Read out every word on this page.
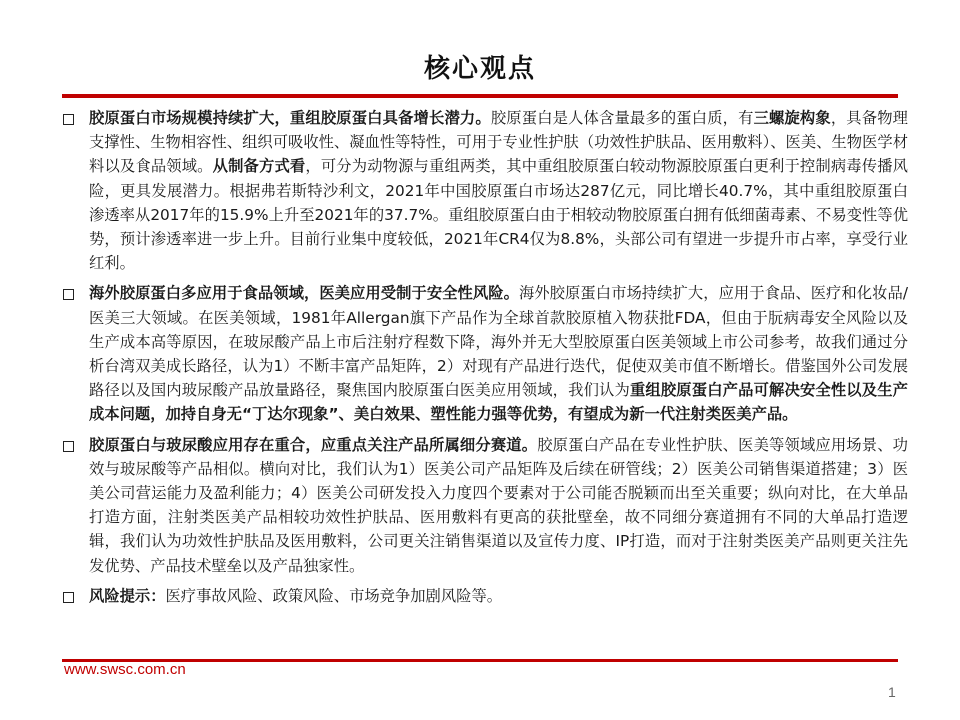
核心观点
胶原蛋白市场规模持续扩大，重组胶原蛋白具备增长潜力。胶原蛋白是人体含量最多的蛋白质，有三螺旋构象，具备物理支撑性、生物相容性、组织可吸收性、凝血性等特性，可用于专业性护肤（功效性护肤品、医用敷料）、医美、生物医学材料以及食品领域。从制备方式看，可分为动物源与重组两类，其中重组胶原蛋白较动物源胶原蛋白更利于控制病毒传播风险，更具发展潜力。根据弗若斯特沙利文，2021年中国胶原蛋白市场达287亿元，同比增长40.7%，其中重组胶原蛋白渗透率从2017年的15.9%上升至2021年的37.7%。重组胶原蛋白由于相较动物胶原蛋白拥有低细菌毒素、不易变性等优势，预计渗透率进一步上升。目前行业集中度较低，2021年CR4仅为8.8%，头部公司有望进一步提升市占率，享受行业红利。
海外胶原蛋白多应用于食品领域，医美应用受制于安全性风险。海外胶原蛋白市场持续扩大，应用于食品、医疗和化妆品/医美三大领域。在医美领域，1981年Allergan旗下产品作为全球首款胶原植入物获批FDA，但由于朊病毒安全风险以及生产成本高等原因，在玻尿酸产品上市后注射疗程数下降，海外并无大型胶原蛋白医美领域上市公司参考，故我们通过分析台湾双美成长路径，认为1）不断丰富产品矩阵，2）对现有产品进行迭代，促使双美市值不断增长。借鉴国外公司发展路径以及国内玻尿酸产品放量路径，聚焦国内胶原蛋白医美应用领域，我们认为重组胶原蛋白产品可解决安全性以及生产成本问题，加持自身无“丁达尔现象”、美白效果、塑性能力强等优势，有望成为新一代注射类医美产品。
胶原蛋白与玻尿酸应用存在重合，应重点关注产品所属细分赛道。胶原蛋白产品在专业性护肤、医美等领域应用场景、功效与玻尿酸等产品相似。横向对比，我们认为1）医美公司产品矩阵及后续在研管线；2）医美公司销售渠道搭建；3）医美公司营运能力及盈利能力；4）医美公司研发投入力度四个要素对于公司能否脱颖而出至关重要；纵向对比，在大单品打造方面，注射类医美产品相较功效性护肤品、医用敷料有更高的获批壁垒，故不同细分赛道拥有不同的大单品打造逻辑，我们认为功效性护肤品及医用敷料，公司更关注销售渠道以及宣传力度、IP打造，而对于注射类医美产品则更关注先发优势、产品技术壁垒以及产品独家性。
风险提示：医疗事故风险、政策风险、市场竞争加剧风险等。
www.swsc.com.cn
1
